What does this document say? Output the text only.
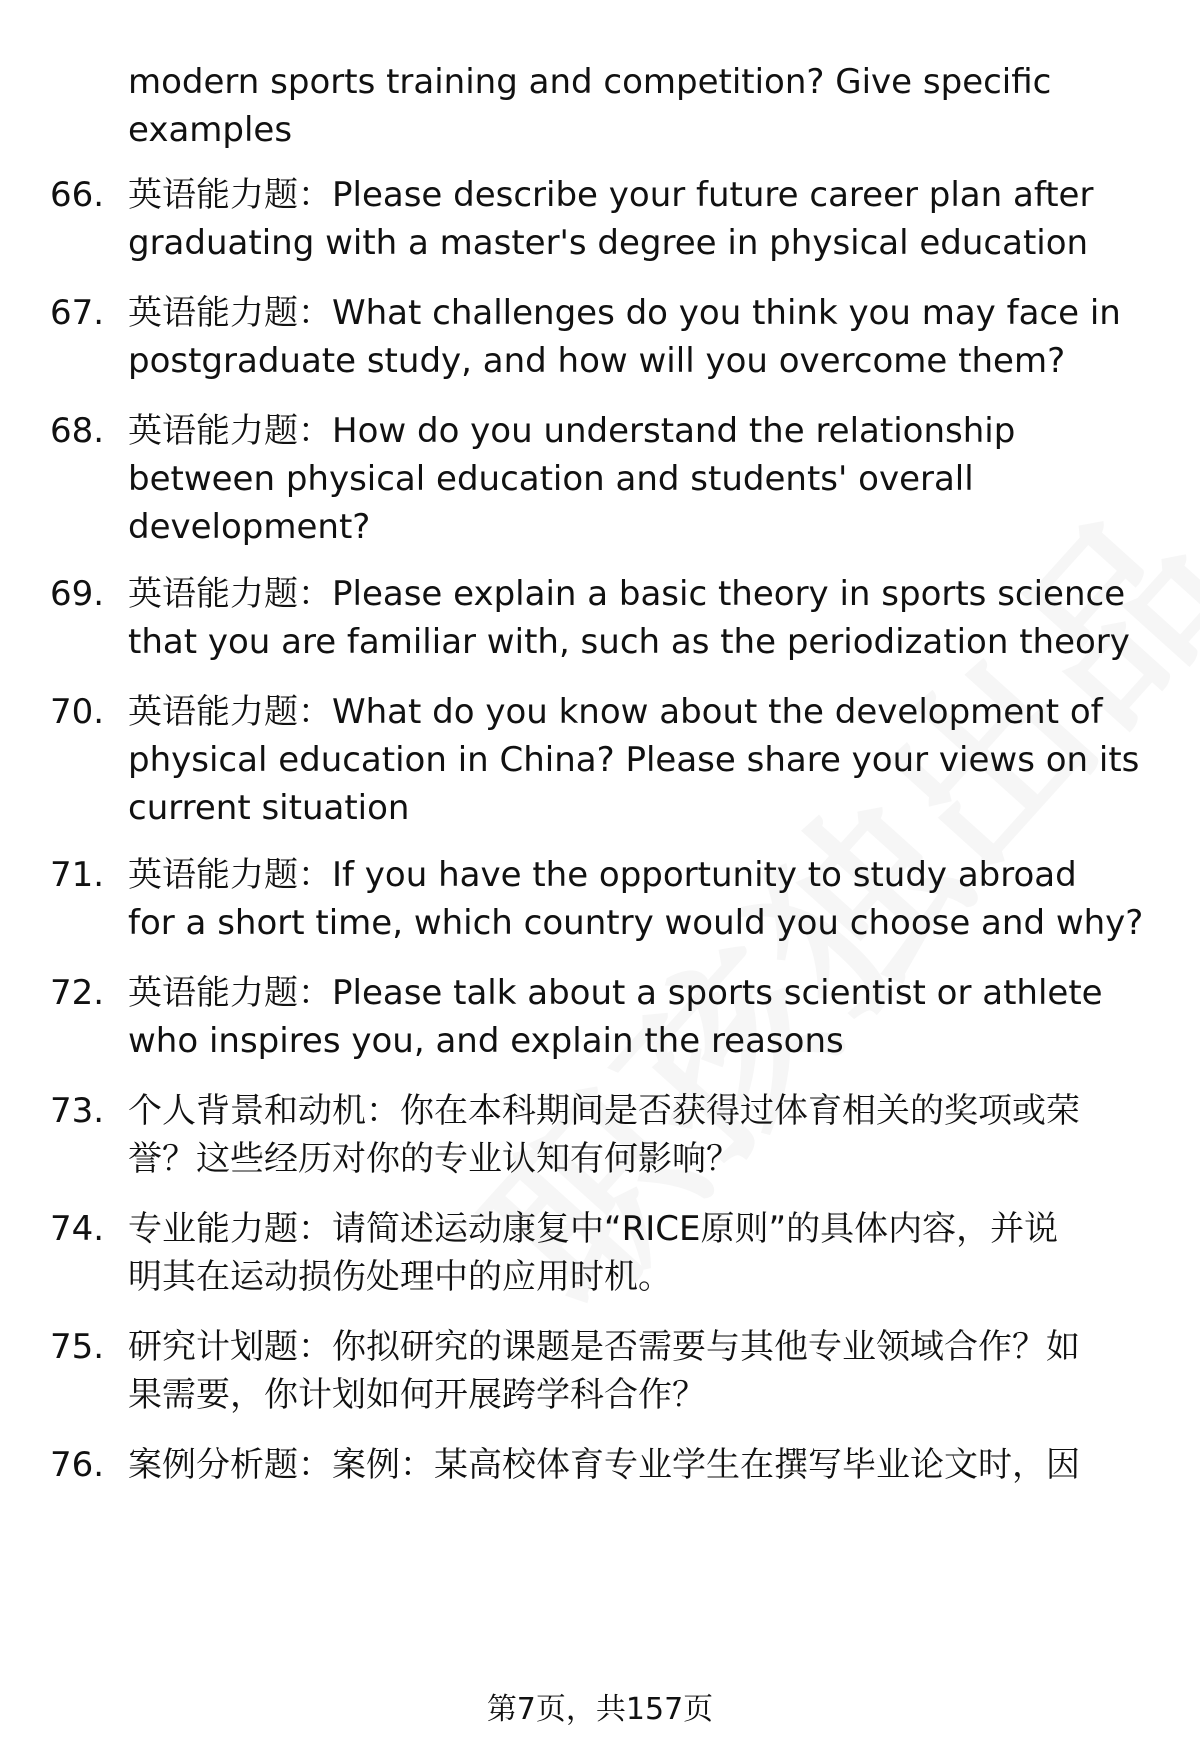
modern sports training and competition? Give specific
examples
66. 英语能力题：Please describe your future career plan after
graduating with a master's degree in physical education
67. 英语能力题：What challenges do you think you may face in
postgraduate study, and how will you overcome them?
68. 英语能力题：How do you understand the relationship
between physical education and students' overall
development?
69. 英语能力题：Please explain a basic theory in sports science
that you are familiar with, such as the periodization theory
70. 英语能力题：What do you know about the development of
physical education in China? Please share your views on its
current situation
71. 英语能力题：If you have the opportunity to study abroad
for a short time, which country would you choose and why?
72. 英语能力题：Please talk about a sports scientist or athlete
who inspires you, and explain the reasons
73. 个人背景和动机：你在本科期间是否获得过体育相关的奖项或荣
誉？这些经历对你的专业认知有何影响？
74. 专业能力题：请简述运动康复中“RICE原则”的具体内容，并说
明其在运动损伤处理中的应用时机。
75. 研究计划题：你拟研究的课题是否需要与其他专业领域合作？如
果需要，你计划如何开展跨学科合作？
76. 案例分析题：案例：某高校体育专业学生在撰写毕业论文时，因
第7页，共157页
